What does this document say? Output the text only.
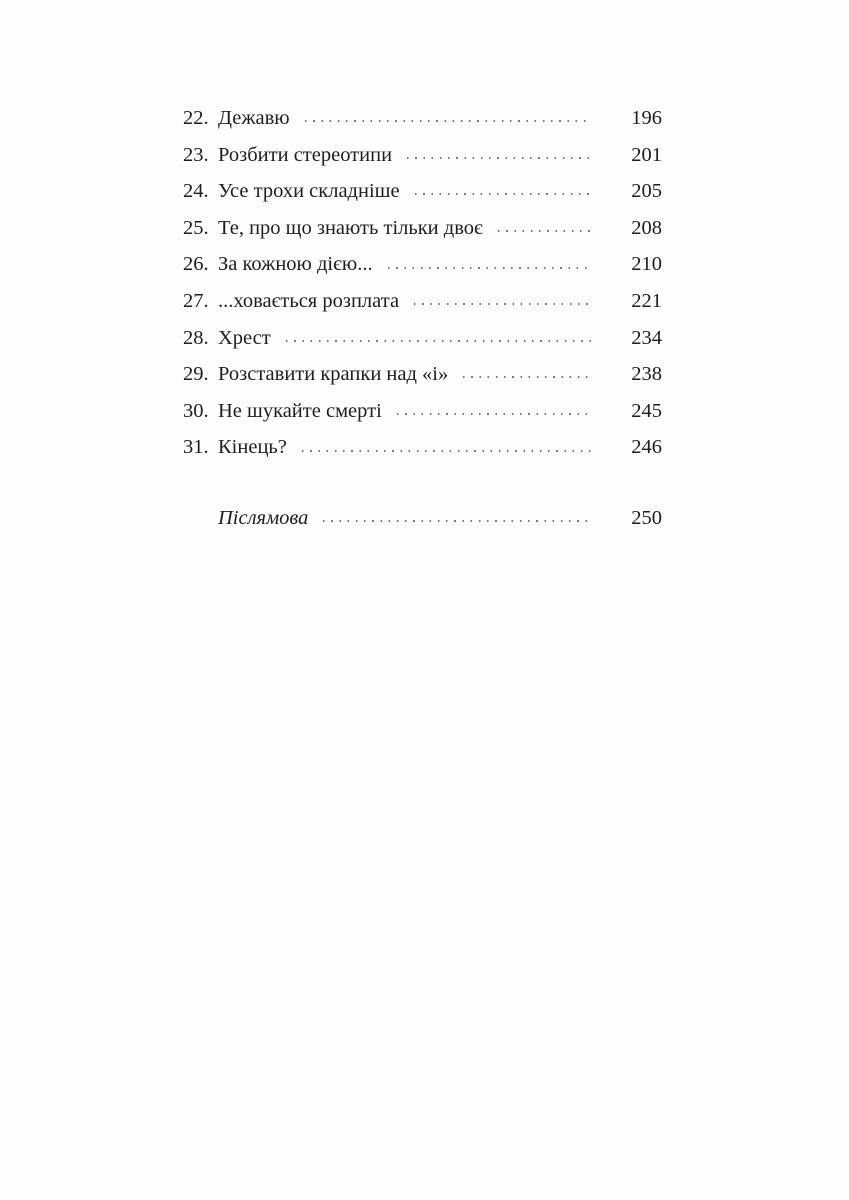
22. Дежавю	196
23. Розбити стереотипи	201
24. Усе трохи складніше	205
25. Те, про що знають тільки двоє	208
26. За кожною дією...	210
27. ...ховається розплата	221
28. Хрест	234
29. Розставити крапки над «і»	238
30. Не шукайте смерті	245
31. Кінець?	246
Післямова	250
